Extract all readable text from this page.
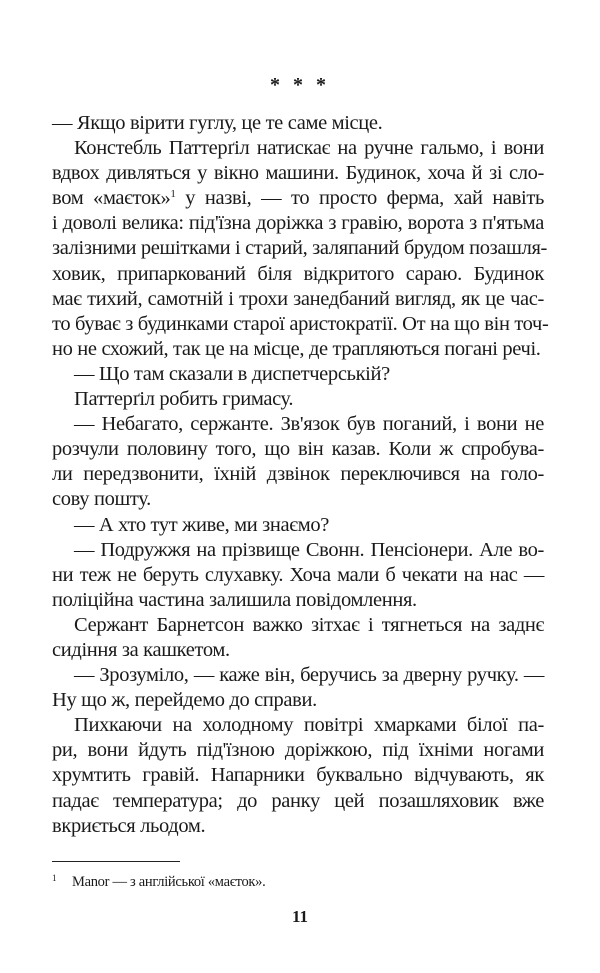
* * *
— Якщо вірити гуглу, це те саме місце.
Констебль Паттерґіл натискає на ручне гальмо, і вони
вдвох дивляться у вікно машини. Будинок, хоча й зі сло-
вом «маєток»$^1$ у назві, — то просто ферма, хай навіть
і доволі велика: під'їзна доріжка з гравію, ворота з п'ятьма
залізними решітками і старий, заляпаний брудом позашля-
ховик, припаркований біля відкритого сараю. Будинок
має тихий, самотній і трохи занедбаний вигляд, як це час-
то буває з будинками старої аристократії. От на що він точ-
но не схожий, так це на місце, де трапляються погані речі.
— Що там сказали в диспетчерській?
Паттерґіл робить гримасу.
— Небагато, сержанте. Зв'язок був поганий, і вони не
розчули половину того, що він казав. Коли ж спробува-
ли передзвонити, їхній дзвінок переключився на голо-
сову пошту.
— А хто тут живе, ми знаємо?
— Подружжя на прізвище Свонн. Пенсіонери. Але во-
ни теж не беруть слухавку. Хоча мали б чекати на нас —
поліційна частина залишила повідомлення.
Сержант Барнетсон важко зітхає і тягнеться на заднє
сидіння за кашкетом.
— Зрозуміло, — каже він, беручись за дверну ручку. —
Ну що ж, перейдемо до справи.
Пихкаючи на холодному повітрі хмарками білої па-
ри, вони йдуть під'їзною доріжкою, під їхніми ногами
хрумтить гравій. Напарники буквально відчувають, як
падає температура; до ранку цей позашляховик вже
вкриється льодом.
1 Manor — з англійської «маєток».
11
